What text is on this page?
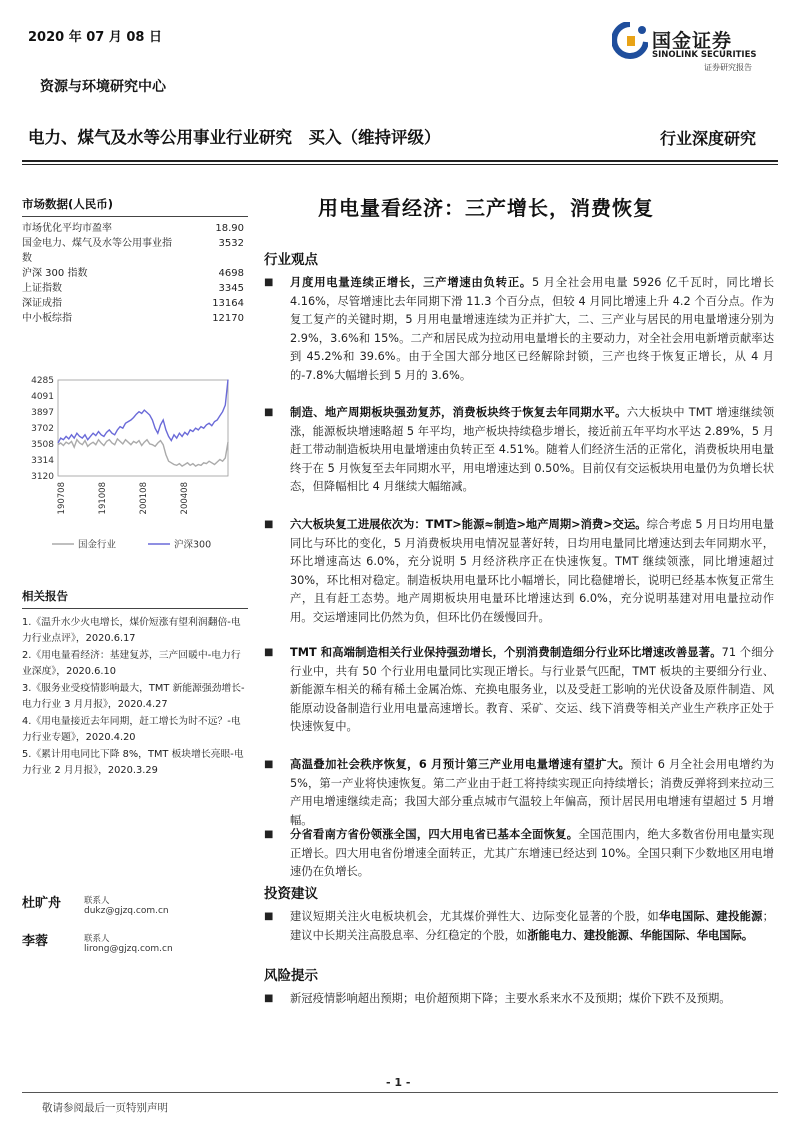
2020 年 07 月 08 日	国金证券
SINOLINK SECURITIES
证券研究报告
资源与环境研究中心
电力、煤气及水等公用事业行业研究　买入（维持评级）	行业深度研究
市场数据(人民币)
市场优化平均市盈率	18.90
国金电力、煤气及水等公用事业指数
3532
沪深 300 指数	4698
上证指数	3345
深证成指	13164
中小板综指	12170
4285
4091
3897
3702
3508
3314
3120
190708	191008	200108	200408
国金行业	沪深300
相关报告
1.《温升水少火电增长，煤价短涨有望利润翻倍-电力行业点评》，2020.6.17
2.《用电量看经济：基建复苏，三产回暖中-电力行业深度》，2020.6.10
3.《服务业受疫情影响最大，TMT 新能源强劲增长-电力行业 3 月月报》，2020.4.27
4.《用电量接近去年同期，赶工增长为时不远？-电力行业专题》，2020.4.20
5.《累计用电同比下降 8%，TMT 板块增长亮眼-电力行业 2 月月报》，2020.3.29
杜旷舟	联系人
dukz@gjzq.com.cn
李蓉	联系人
lirong@gjzq.com.cn
用电量看经济：三产增长，消费恢复
行业观点
■ 月度用电量连续正增长，三产增速由负转正。5 月全社会用电量 5926 亿千瓦时，同比增长 4.16%，尽管增速比去年同期下滑 11.3 个百分点，但较 4 月同比增速上升 4.2 个百分点。作为复工复产的关键时期，5 月用电量增速连续为正并扩大，二、三产业与居民的用电量增速分别为 2.9%，3.6%和 15%。二产和居民成为拉动用电量增长的主要动力，对全社会用电新增贡献率达到 45.2%和 39.6%。由于全国大部分地区已经解除封锁，三产也终于恢复正增长，从 4 月的-7.8%大幅增长到 5 月的 3.6%。
■ 制造、地产周期板块强劲复苏，消费板块终于恢复去年同期水平。六大板块中 TMT 增速继续领涨，能源板块增速略超 5 年平均，地产板块持续稳步增长，接近前五年平均水平达 2.89%，5 月赶工带动制造板块用电量增速由负转正至 4.51%。随着人们经济生活的正常化，消费板块用电量终于在 5 月恢复至去年同期水平，用电增速达到 0.50%。目前仅有交运板块用电量仍为负增长状态，但降幅相比 4 月继续大幅缩减。
■ 六大板块复工进展依次为：TMT>能源≈制造>地产周期>消费>交运。综合考虑 5 月日均用电量同比与环比的变化，5 月消费板块用电情况显著好转，日均用电量同比增速达到去年同期水平，环比增速高达 6.0%，充分说明 5 月经济秩序正在快速恢复。TMT 继续领涨，同比增速超过 30%，环比相对稳定。制造板块用电量环比小幅增长，同比稳健增长，说明已经基本恢复正常生产，且有赶工态势。地产周期板块用电量环比增速达到 6.0%，充分说明基建对用电量拉动作用。交运增速同比仍然为负，但环比仍在缓慢回升。
■ TMT 和高端制造相关行业保持强劲增长，个别消费制造细分行业环比增速改善显著。71 个细分行业中，共有 50 个行业用电量同比实现正增长。与行业景气匹配，TMT 板块的主要细分行业、新能源车相关的稀有稀土金属冶炼、充换电服务业，以及受赶工影响的光伏设备及原件制造、风能原动设备制造行业用电量高速增长。教育、采矿、交运、线下消费等相关产业生产秩序正处于快速恢复中。
■ 高温叠加社会秩序恢复，6 月预计第三产业用电量增速有望扩大。预计 6 月全社会用电增约为 5%，第一产业将快速恢复。第二产业由于赶工将持续实现正向持续增长；消费反弹将到来拉动三产用电增速继续走高；我国大部分重点城市气温较上年偏高，预计居民用电增速有望超过 5 月增幅。
■ 分省看南方省份领涨全国，四大用电省已基本全面恢复。全国范围内，绝大多数省份用电量实现正增长。四大用电省份增速全面转正，尤其广东增速已经达到 10%。全国只剩下少数地区用电增速仍在负增长。
投资建议
■ 建议短期关注火电板块机会，尤其煤价弹性大、边际变化显著的个股，如华电国际、建投能源；建议中长期关注高股息率、分红稳定的个股，如浙能电力、建投能源、华能国际、华电国际。
风险提示
■ 新冠疫情影响超出预期；电价超预期下降；主要水系来水不及预期；煤价下跌不及预期。
- 1 -
敬请参阅最后一页特别声明
